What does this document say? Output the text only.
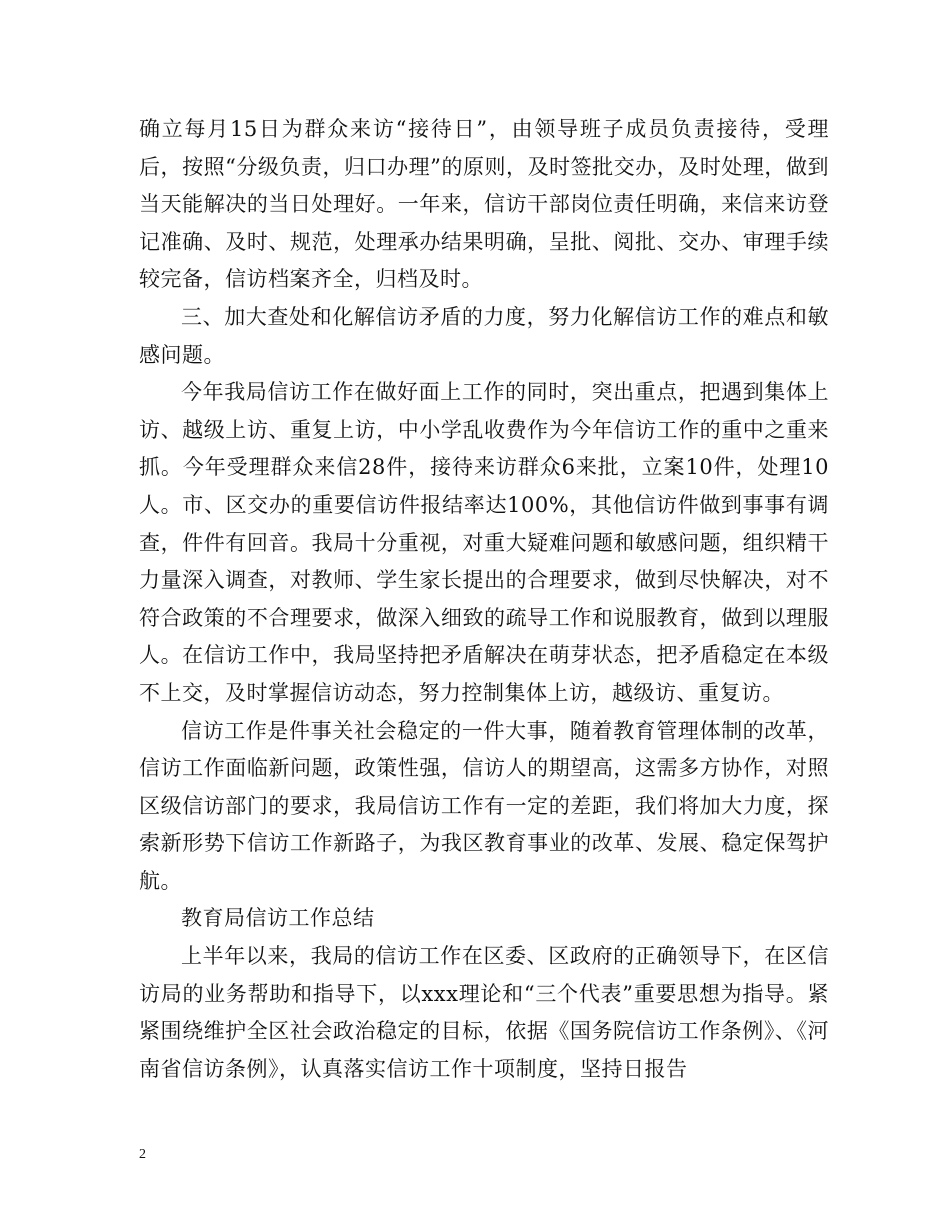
确立每月15日为群众来访“接待日”，由领导班子成员负责接待，受理后，按照“分级负责，归口办理”的原则，及时签批交办，及时处理，做到当天能解决的当日处理好。一年来，信访干部岗位责任明确，来信来访登记准确、及时、规范，处理承办结果明确，呈批、阅批、交办、审理手续较完备，信访档案齐全，归档及时。

三、加大查处和化解信访矛盾的力度，努力化解信访工作的难点和敏感问题。

今年我局信访工作在做好面上工作的同时，突出重点，把遇到集体上访、越级上访、重复上访，中小学乱收费作为今年信访工作的重中之重来抓。今年受理群众来信28件，接待来访群众6来批，立案10件，处理10人。市、区交办的重要信访件报结率达100%，其他信访件做到事事有调查，件件有回音。我局十分重视，对重大疑难问题和敏感问题，组织精干力量深入调查，对教师、学生家长提出的合理要求，做到尽快解决，对不符合政策的不合理要求，做深入细致的疏导工作和说服教育，做到以理服人。在信访工作中，我局坚持把矛盾解决在萌芽状态，把矛盾稳定在本级不上交，及时掌握信访动态，努力控制集体上访，越级访、重复访。

信访工作是件事关社会稳定的一件大事，随着教育管理体制的改革，信访工作面临新问题，政策性强，信访人的期望高，这需多方协作，对照区级信访部门的要求，我局信访工作有一定的差距，我们将加大力度，探索新形势下信访工作新路子，为我区教育事业的改革、发展、稳定保驾护航。

教育局信访工作总结

上半年以来，我局的信访工作在区委、区政府的正确领导下，在区信访局的业务帮助和指导下，以xxx理论和“三个代表”重要思想为指导。紧紧围绕维护全区社会政治稳定的目标，依据《国务院信访工作条例》、《河南省信访条例》，认真落实信访工作十项制度，坚持日报告

2
